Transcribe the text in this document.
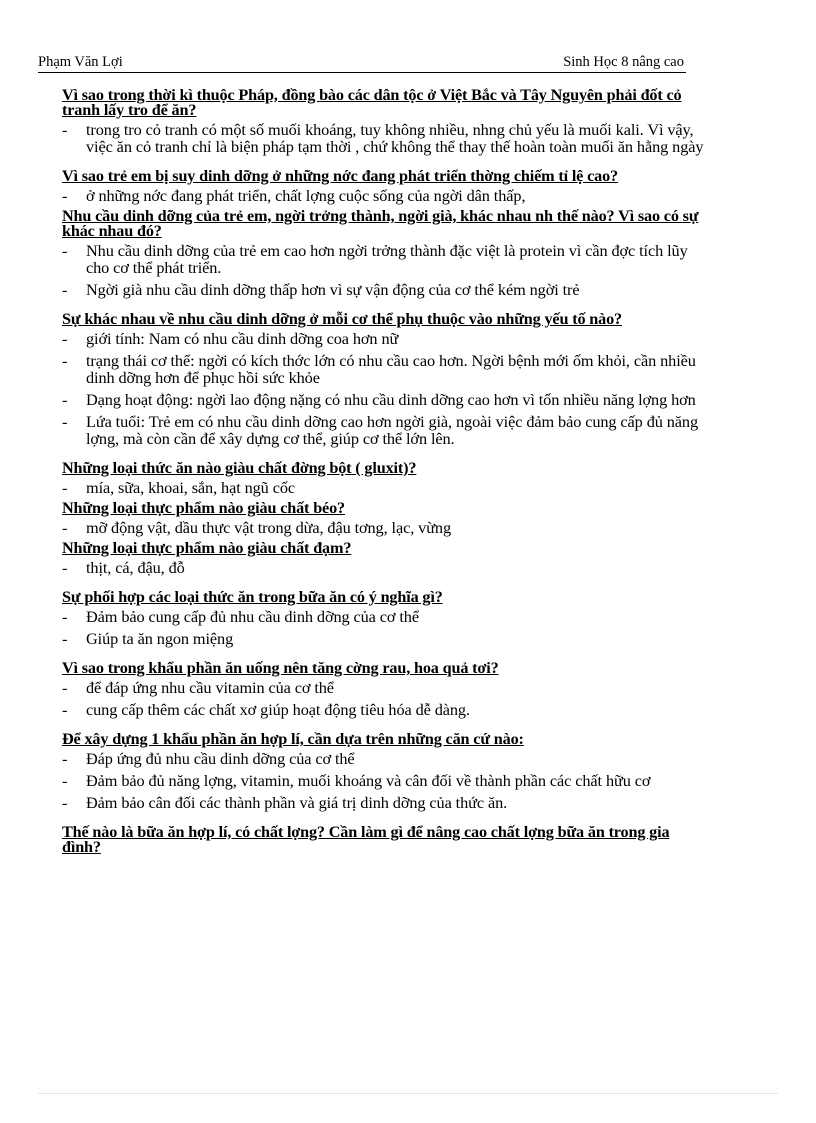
Phạm Văn Lợi	Sinh Học 8 nâng cao
Vì sao trong thời kì thuộc Pháp, đồng bào các dân tộc ở Việt Bắc và Tây Nguyên phải đốt cỏ tranh lấy tro để ăn?
- trong tro cỏ tranh có một số muối khoáng, tuy không nhiều, nhng chủ yếu là muối kali. Vì vậy, việc ăn cỏ tranh chỉ là biện pháp tạm thời , chứ không thể thay thế hoàn toàn muối ăn hằng ngày
Vì sao trẻ em bị suy dinh dỡng ở những nớc đang phát triển thờng chiếm tỉ lệ cao?
- ở những nớc đang phát triển, chất lợng cuộc sống của ngời dân thấp,
Nhu cầu dinh dỡng của trẻ em, ngời trởng thành, ngời già, khác nhau nh thế nào? Vì sao có sự khác nhau đó?
- Nhu cầu dinh dỡng của trẻ em cao hơn ngời trởng thành đặc việt là protein vì cần đợc tích lũy cho cơ thể phát triển.
- Ngời già nhu cầu dinh dỡng thấp hơn vì sự vận động của cơ thể kém ngời trẻ
Sự khác nhau về nhu cầu dinh dỡng ở mỗi cơ thể phụ thuộc vào những yếu tố nào?
- giới tính: Nam có nhu cầu dinh dỡng coa hơn nữ
- trạng thái cơ thể: ngời có kích thớc lớn có nhu cầu cao hơn. Ngời bệnh mới ốm khỏi, cần nhiều dinh dỡng hơn để phục hồi sức khỏe
- Dạng hoạt động: ngời lao động nặng có nhu cầu dinh dỡng cao hơn vì tốn nhiều năng lợng hơn
- Lứa tuổi: Trẻ em có nhu cầu dinh dỡng cao hơn ngời già, ngoài việc đảm bảo cung cấp đủ năng lợng, mà còn cần để xây dựng cơ thể, giúp cơ thể lớn lên.
Những loại thức ăn nào giàu chất đờng bột ( gluxit)?
- mía, sữa, khoai, sắn, hạt ngũ cốc
Những loại thực phẩm nào giàu chất béo?
- mỡ động vật, dầu thực vật trong dừa, đậu tơng, lạc, vừng
Những loại thực phẩm nào giàu chất đạm?
- thịt, cá, đậu, đỗ
Sự phối hợp các loại thức ăn trong bữa ăn có ý nghĩa gì?
- Đảm bảo cung cấp đủ nhu cầu dinh dỡng của cơ thể
- Giúp ta ăn ngon miệng
Vì sao trong khẩu phần ăn uống nên tăng cờng rau, hoa quả tơi?
- để đáp ứng nhu cầu vitamin của cơ thể
- cung cấp thêm các chất xơ giúp hoạt động tiêu hóa dễ dàng.
Để xây dựng 1 khẩu phần ăn hợp lí, cần dựa trên những căn cứ nào:
- Đáp ứng đủ nhu cầu dinh dỡng của cơ thể
- Đảm bảo đủ năng lợng, vitamin, muối khoáng và cân đối về thành phần các chất hữu cơ
- Đảm bảo cân đối các thành phần và giá trị dinh dỡng của thức ăn.
Thế nào là bữa ăn hợp lí, có chất lợng? Cần làm gì để nâng cao chất lợng bữa ăn trong gia đình?
